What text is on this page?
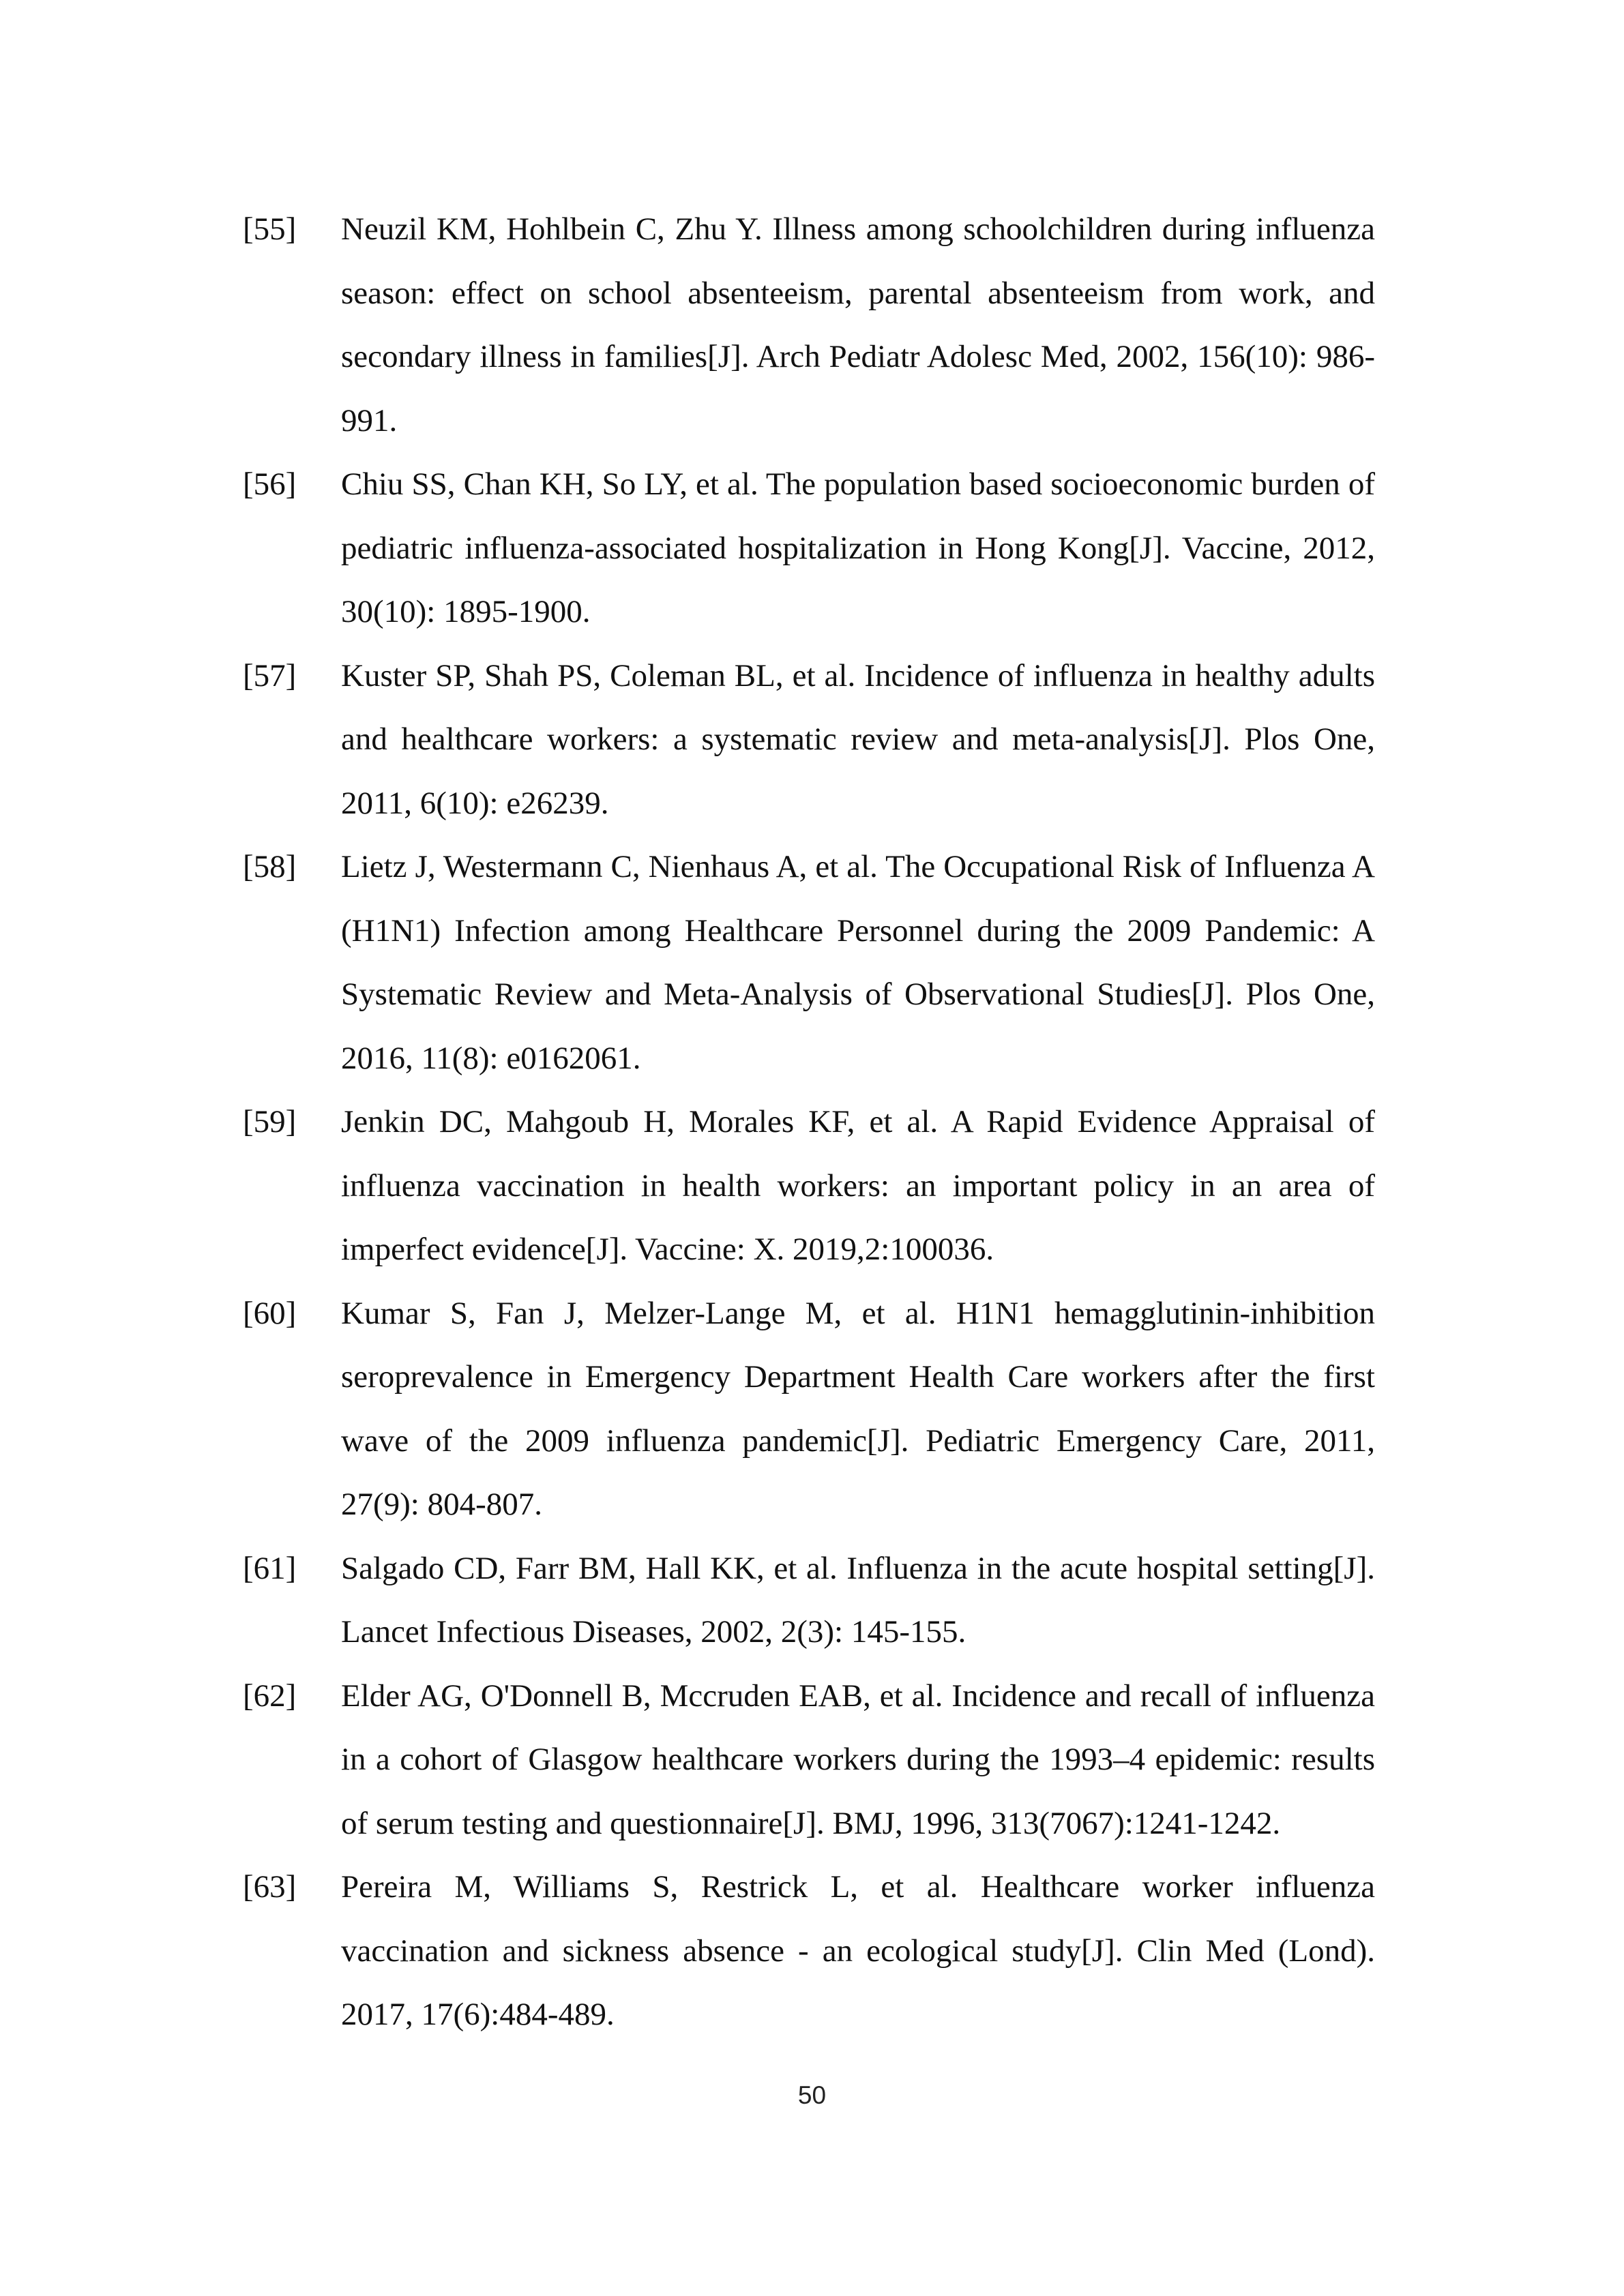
[55]	Neuzil KM, Hohlbein C, Zhu Y. Illness among schoolchildren during influenza season: effect on school absenteeism, parental absenteeism from work, and secondary illness in families[J]. Arch Pediatr Adolesc Med, 2002, 156(10): 986-991.
[56]	Chiu SS, Chan KH, So LY, et al. The population based socioeconomic burden of pediatric influenza-associated hospitalization in Hong Kong[J]. Vaccine, 2012, 30(10): 1895-1900.
[57]	Kuster SP, Shah PS, Coleman BL, et al. Incidence of influenza in healthy adults and healthcare workers: a systematic review and meta-analysis[J]. Plos One, 2011, 6(10): e26239.
[58]	Lietz J, Westermann C, Nienhaus A, et al. The Occupational Risk of Influenza A (H1N1) Infection among Healthcare Personnel during the 2009 Pandemic: A Systematic Review and Meta-Analysis of Observational Studies[J]. Plos One, 2016, 11(8): e0162061.
[59]	Jenkin DC, Mahgoub H, Morales KF, et al. A Rapid Evidence Appraisal of influenza vaccination in health workers: an important policy in an area of imperfect evidence[J]. Vaccine: X. 2019,2:100036.
[60]	Kumar S, Fan J, Melzer-Lange M, et al. H1N1 hemagglutinin-inhibition seroprevalence in Emergency Department Health Care workers after the first wave of the 2009 influenza pandemic[J]. Pediatric Emergency Care, 2011, 27(9): 804-807.
[61]	Salgado CD, Farr BM, Hall KK, et al. Influenza in the acute hospital setting[J]. Lancet Infectious Diseases, 2002, 2(3): 145-155.
[62]	Elder AG, O'Donnell B, Mccruden EAB, et al. Incidence and recall of influenza in a cohort of Glasgow healthcare workers during the 1993–4 epidemic: results of serum testing and questionnaire[J]. BMJ, 1996, 313(7067):1241-1242.
[63]	Pereira M, Williams S, Restrick L, et al. Healthcare worker influenza vaccination and sickness absence - an ecological study[J]. Clin Med (Lond). 2017, 17(6):484-489.
50
